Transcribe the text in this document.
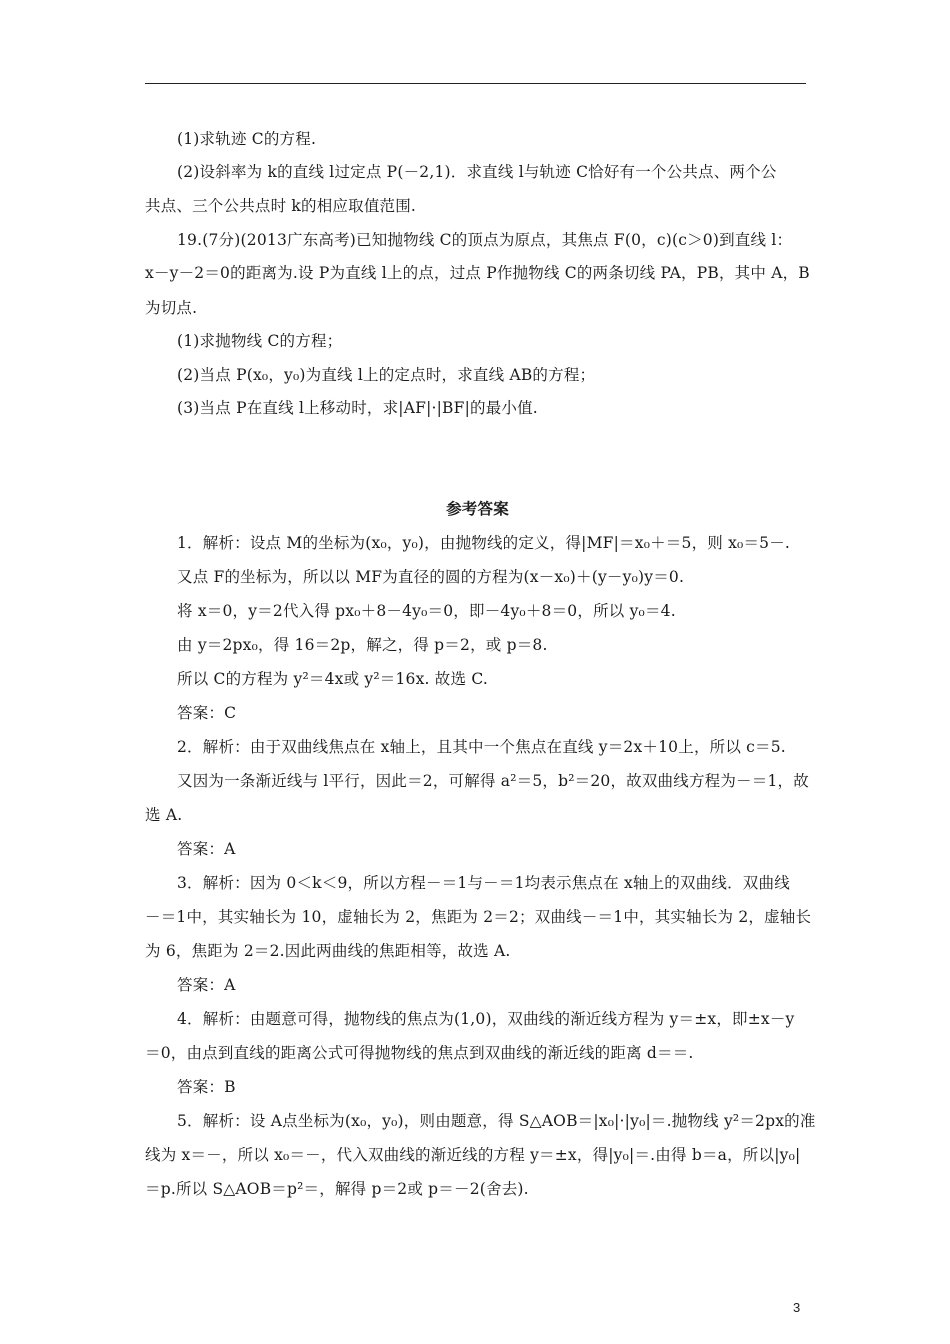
(1)求轨迹 C的方程.
(2)设斜率为 k的直线 l过定点 P(－2,1)．求直线 l与轨迹 C恰好有一个公共点、两个公
共点、三个公共点时 k的相应取值范围.
19.(7分)(2013广东高考)已知抛物线 C的顶点为原点，其焦点 F(0，c)(c＞0)到直线 l：
x－y－2＝0的距离为.设 P为直线 l上的点，过点 P作抛物线 C的两条切线 PA，PB，其中 A，B
为切点.
(1)求抛物线 C的方程；
(2)当点 P(x₀，y₀)为直线 l上的定点时，求直线 AB的方程；
(3)当点 P在直线 l上移动时，求|AF|·|BF|的最小值.
参考答案
1．解析：设点 M的坐标为(x₀，y₀)，由抛物线的定义，得|MF|＝x₀＋＝5，则 x₀＝5－.
又点 F的坐标为，所以以 MF为直径的圆的方程为(x－x₀)＋(y－y₀)y＝0.
将 x＝0，y＝2代入得 px₀＋8－4y₀＝0，即－4y₀＋8＝0，所以 y₀＝4.
由 y＝2px₀，得 16＝2p，解之，得 p＝2，或 p＝8.
所以 C的方程为 y²＝4x或 y²＝16x. 故选 C.
答案：C
2．解析：由于双曲线焦点在 x轴上，且其中一个焦点在直线 y＝2x＋10上，所以 c＝5.
又因为一条渐近线与 l平行，因此＝2，可解得 a²＝5，b²＝20，故双曲线方程为－＝1，故
选 A.
答案：A
3．解析：因为 0＜k＜9，所以方程－＝1与－＝1均表示焦点在 x轴上的双曲线．双曲线
－＝1中，其实轴长为 10，虚轴长为 2，焦距为 2＝2；双曲线－＝1中，其实轴长为 2，虚轴长
为 6，焦距为 2＝2.因此两曲线的焦距相等，故选 A.
答案：A
4．解析：由题意可得，抛物线的焦点为(1,0)，双曲线的渐近线方程为 y＝±x，即±x－y
＝0，由点到直线的距离公式可得抛物线的焦点到双曲线的渐近线的距离 d＝＝.
答案：B
5．解析：设 A点坐标为(x₀，y₀)，则由题意，得 S△AOB＝|x₀|·|y₀|＝.抛物线 y²＝2px的准
线为 x＝－，所以 x₀＝－，代入双曲线的渐近线的方程 y＝±x，得|y₀|＝.由得 b＝a，所以|y₀|
＝p.所以 S△AOB＝p²＝，解得 p＝2或 p＝－2(舍去).
3
